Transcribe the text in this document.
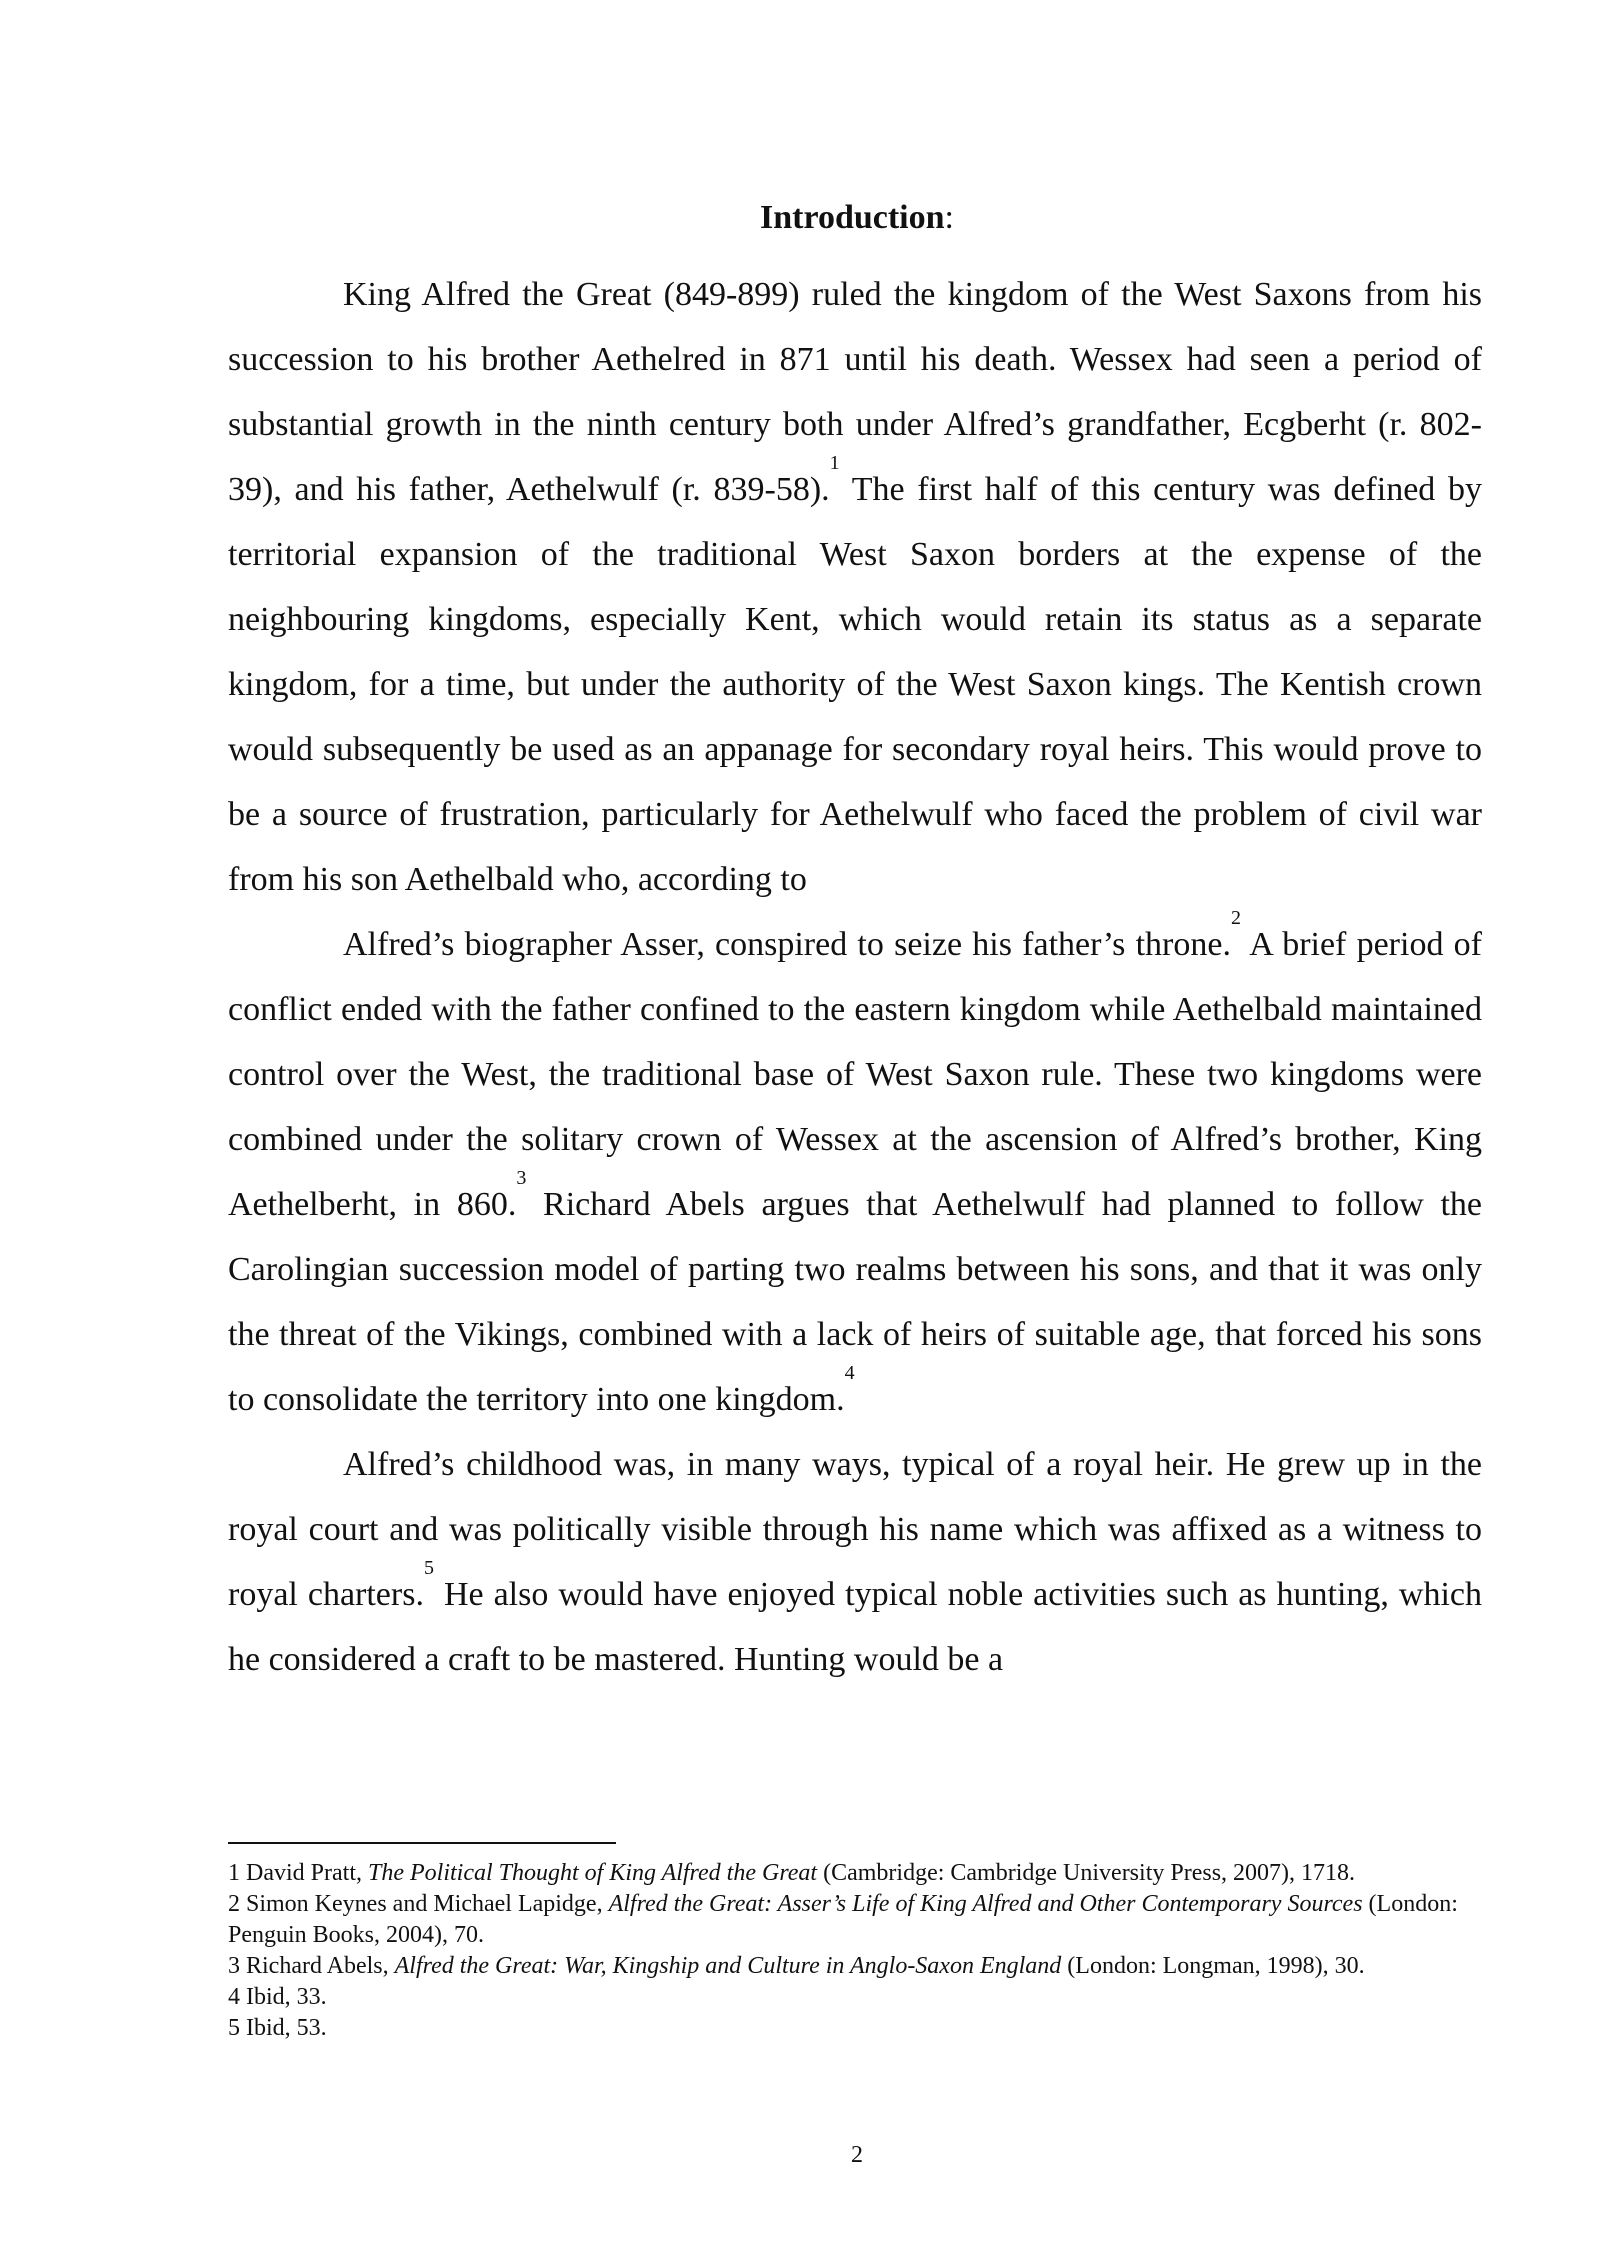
Introduction:

King Alfred the Great (849-899) ruled the kingdom of the West Saxons from his succession to his brother Aethelred in 871 until his death. Wessex had seen a period of substantial growth in the ninth century both under Alfred’s grandfather, Ecgberht (r. 802-39), and his father, Aethelwulf (r. 839-58).$^1$ The first half of this century was defined by territorial expansion of the traditional West Saxon borders at the expense of the neighbouring kingdoms, especially Kent, which would retain its status as a separate kingdom, for a time, but under the authority of the West Saxon kings. The Kentish crown would subsequently be used as an appanage for secondary royal heirs. This would prove to be a source of frustration, particularly for Aethelwulf who faced the problem of civil war from his son Aethelbald who, according to

Alfred’s biographer Asser, conspired to seize his father’s throne.$^2$ A brief period of conflict ended with the father confined to the eastern kingdom while Aethelbald maintained control over the West, the traditional base of West Saxon rule. These two kingdoms were combined under the solitary crown of Wessex at the ascension of Alfred’s brother, King Aethelberht, in 860.$^3$ Richard Abels argues that Aethelwulf had planned to follow the Carolingian succession model of parting two realms between his sons, and that it was only the threat of the Vikings, combined with a lack of heirs of suitable age, that forced his sons to consolidate the territory into one kingdom.$^4$

Alfred’s childhood was, in many ways, typical of a royal heir. He grew up in the royal court and was politically visible through his name which was affixed as a witness to royal charters.$^5$ He also would have enjoyed typical noble activities such as hunting, which he considered a craft to be mastered. Hunting would be a

1 David Pratt, The Political Thought of King Alfred the Great (Cambridge: Cambridge University Press, 2007), 1718.

2 Simon Keynes and Michael Lapidge, Alfred the Great: Asser’s Life of King Alfred and Other Contemporary Sources (London: Penguin Books, 2004), 70.

3 Richard Abels, Alfred the Great: War, Kingship and Culture in Anglo-Saxon England (London: Longman, 1998), 30.

4 Ibid, 33.

5 Ibid, 53.

2
